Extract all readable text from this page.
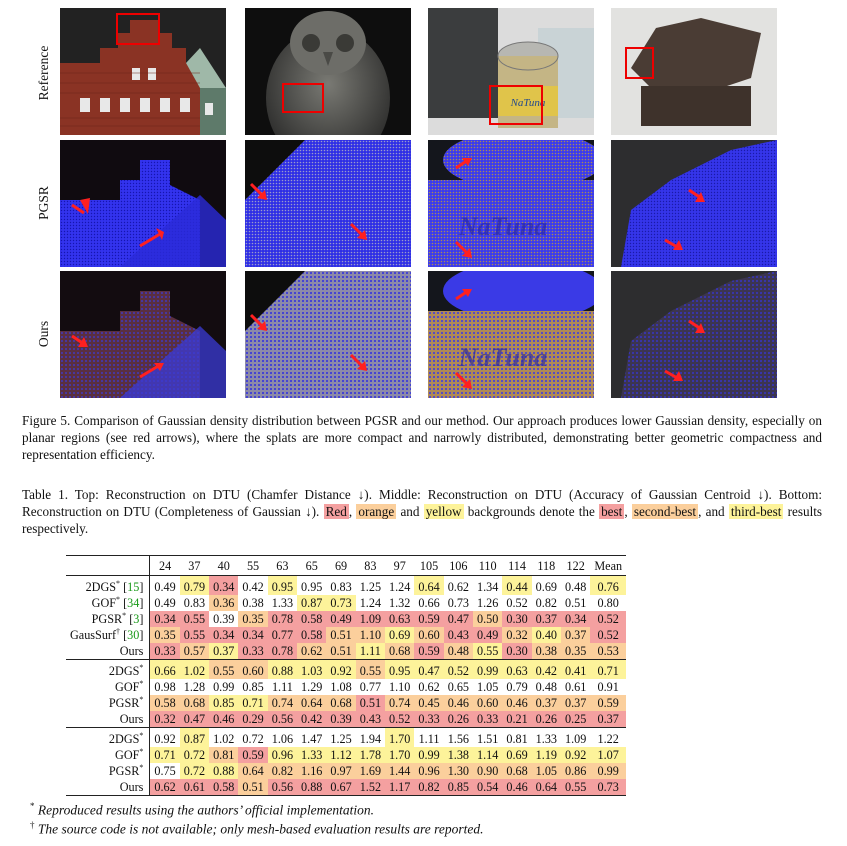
Reference
PGSR
Ours
NaTuna
NaTuna
NaTuna
Figure 5. Comparison of Gaussian density distribution between PGSR and our method. Our approach produces lower Gaussian density, especially on planar regions (see red arrows), where the splats are more compact and narrowly distributed, demonstrating better geometric compactness and representation efficiency.
Table 1. Top: Reconstruction on DTU (Chamfer Distance ↓). Middle: Reconstruction on DTU (Accuracy of Gaussian Centroid ↓). Bottom: Reconstruction on DTU (Completeness of Gaussian ↓). Red , orange and yellow backgrounds denote the best , second-best , and third-best results respectively.
	24	37	40	55	63	65	69	83	97	105	106	110	114	118	122	Mean
2DGS* [15]	0.49	0.79	0.34	0.42	0.95	0.95	0.83	1.25	1.24	0.64	0.62	1.34	0.44	0.69	0.48	0.76
GOF* [34]	0.49	0.83	0.36	0.38	1.33	0.87	0.73	1.24	1.32	0.66	0.73	1.26	0.52	0.82	0.51	0.80
PGSR* [3]	0.34	0.55	0.39	0.35	0.78	0.58	0.49	1.09	0.63	0.59	0.47	0.50	0.30	0.37	0.34	0.52
GausSurf† [30]	0.35	0.55	0.34	0.34	0.77	0.58	0.51	1.10	0.69	0.60	0.43	0.49	0.32	0.40	0.37	0.52
Ours	0.33	0.57	0.37	0.33	0.78	0.62	0.51	1.11	0.68	0.59	0.48	0.55	0.30	0.38	0.35	0.53
2DGS*	0.66	1.02	0.55	0.60	0.88	1.03	0.92	0.55	0.95	0.47	0.52	0.99	0.63	0.42	0.41	0.71
GOF*	0.98	1.28	0.99	0.85	1.11	1.29	1.08	0.77	1.10	0.62	0.65	1.05	0.79	0.48	0.61	0.91
PGSR*	0.58	0.68	0.85	0.71	0.74	0.64	0.68	0.51	0.74	0.45	0.46	0.60	0.46	0.37	0.37	0.59
Ours	0.32	0.47	0.46	0.29	0.56	0.42	0.39	0.43	0.52	0.33	0.26	0.33	0.21	0.26	0.25	0.37
2DGS*	0.92	0.87	1.02	0.72	1.06	1.47	1.25	1.94	1.70	1.11	1.56	1.51	0.81	1.33	1.09	1.22
GOF*	0.71	0.72	0.81	0.59	0.96	1.33	1.12	1.78	1.70	0.99	1.38	1.14	0.69	1.19	0.92	1.07
PGSR*	0.75	0.72	0.88	0.64	0.82	1.16	0.97	1.69	1.44	0.96	1.30	0.90	0.68	1.05	0.86	0.99
Ours	0.62	0.61	0.58	0.51	0.56	0.88	0.67	1.52	1.17	0.82	0.85	0.54	0.46	0.64	0.55	0.73
* Reproduced results using the authors’ official implementation.
† The source code is not available; only mesh-based evaluation results are reported.
